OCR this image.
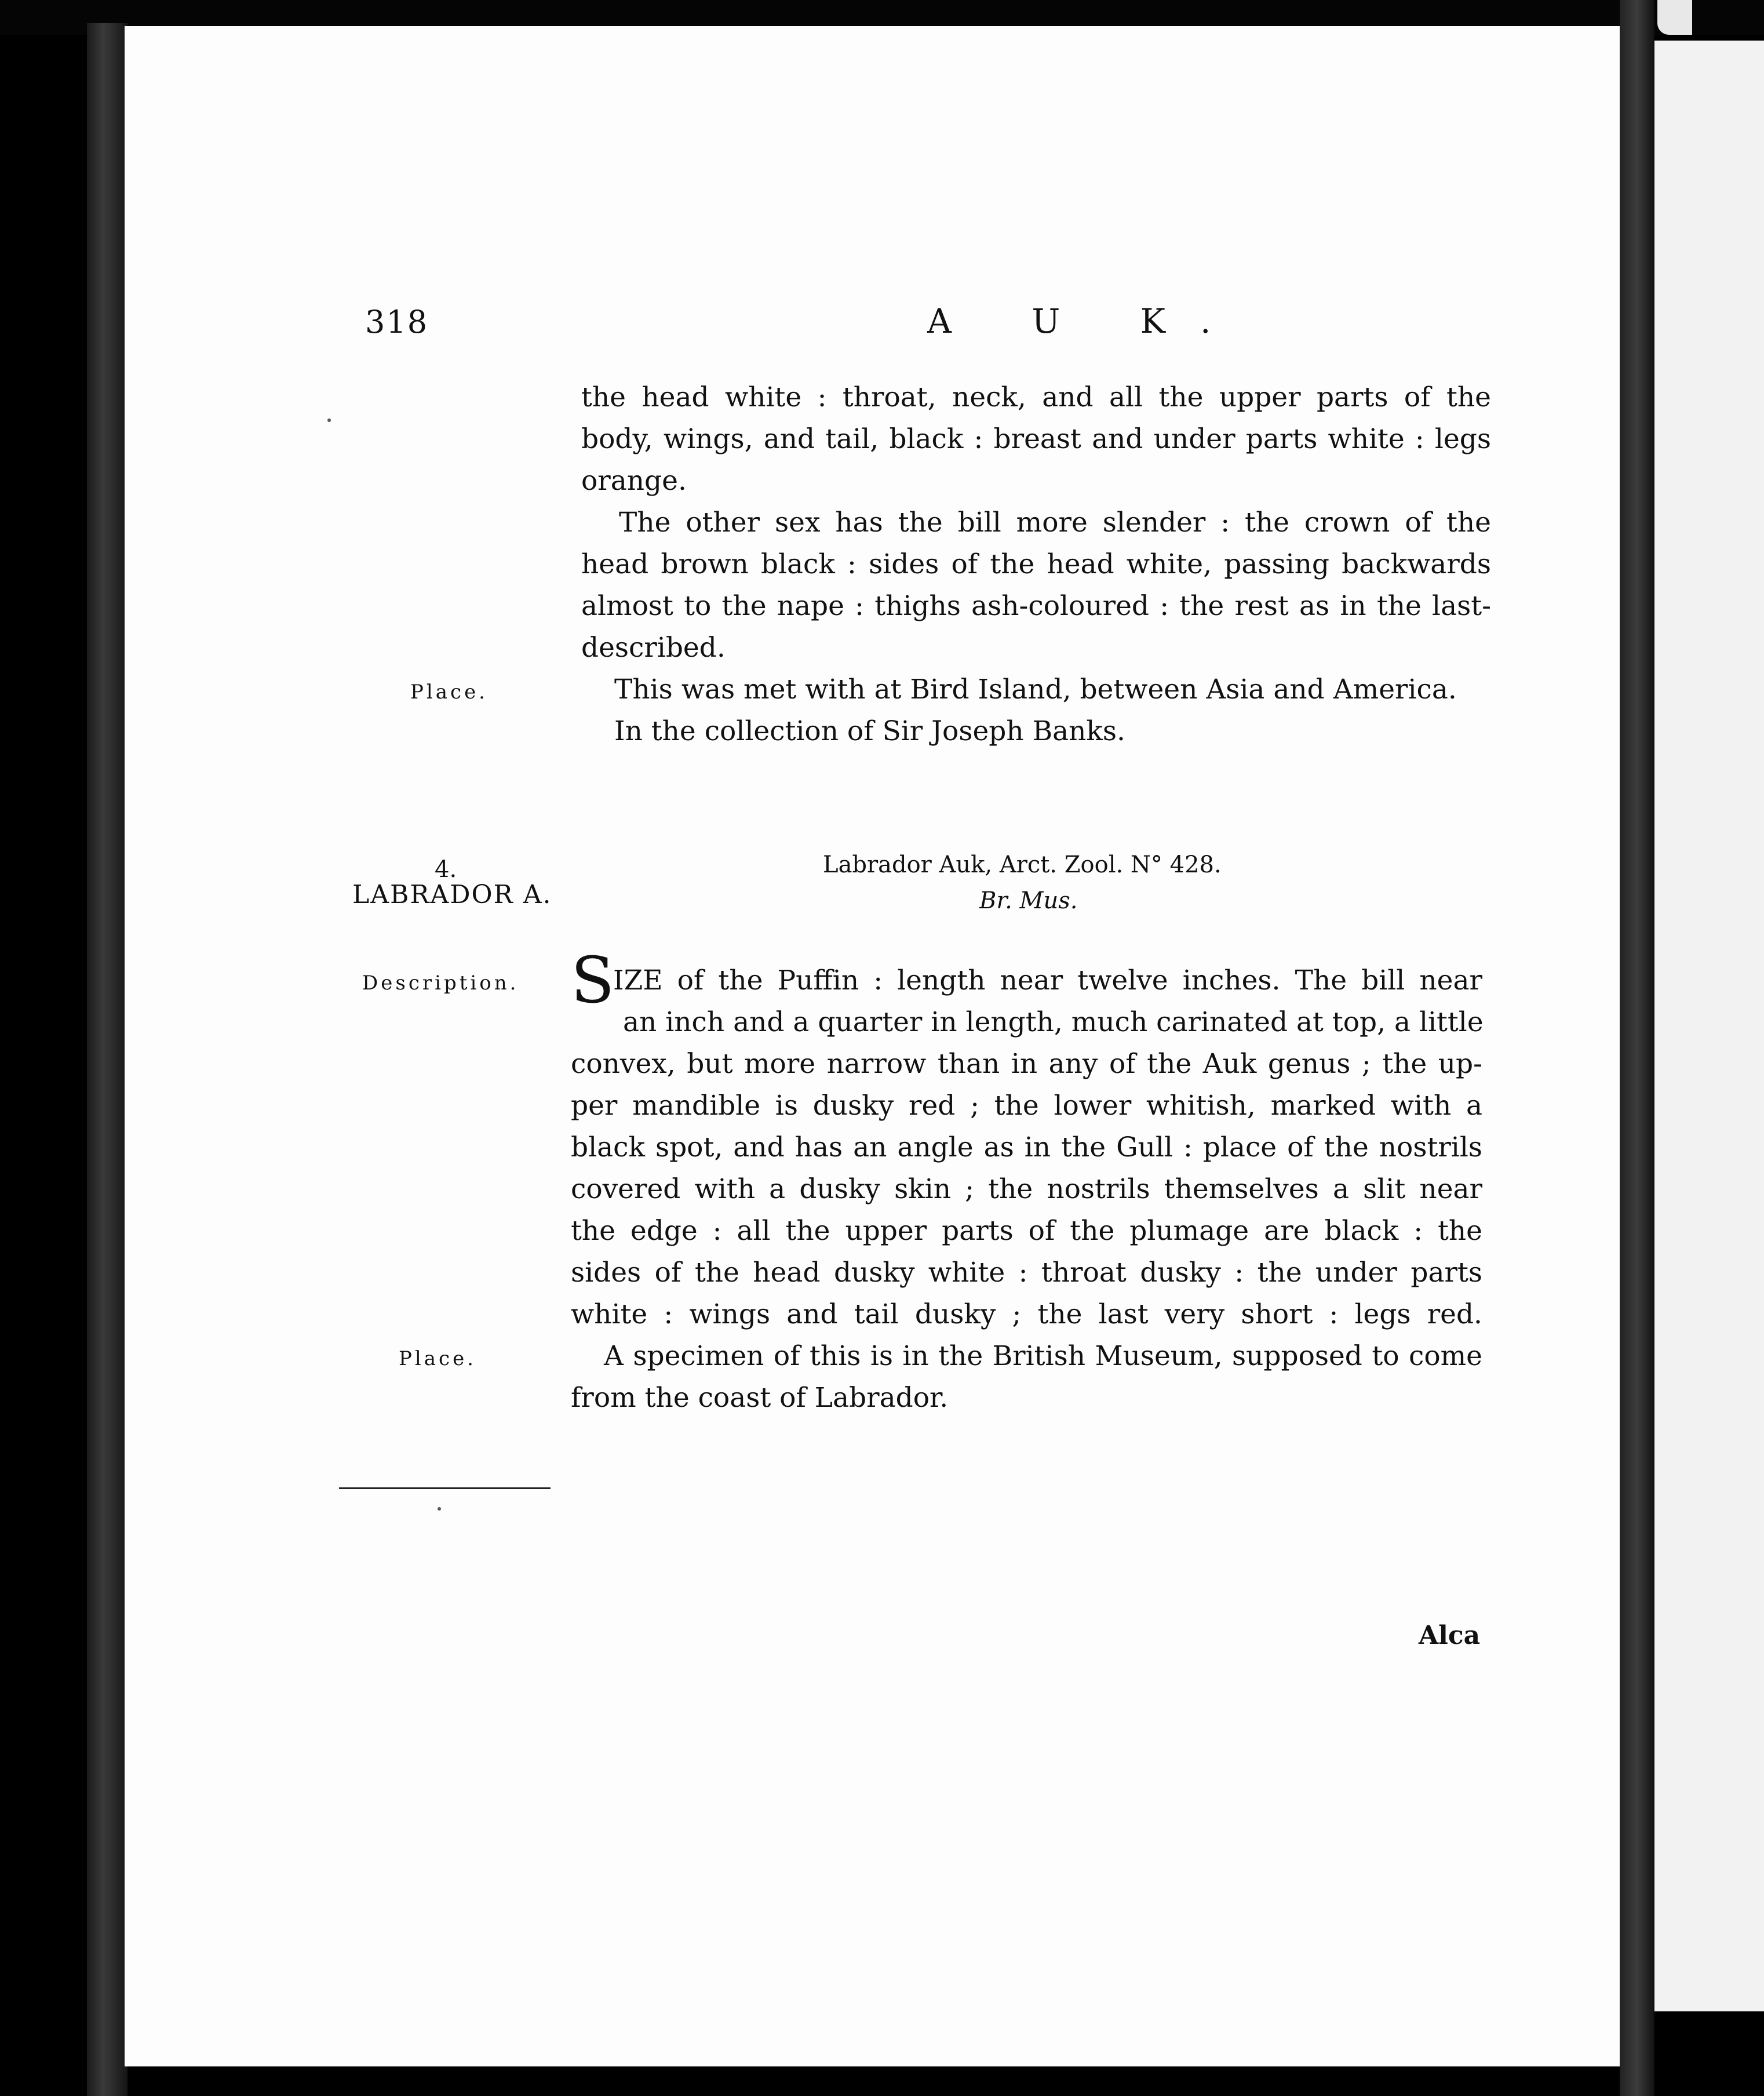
318	A U K.
the head white : throat, neck, and all the upper parts of the
body, wings, and tail, black : breast and under parts white : legs
orange.
The other sex has the bill more slender : the crown of the
head brown black : sides of the head white, passing backwards
almost to the nape : thighs ash-coloured : the rest as in the last-
described.
Place.	This was met with at Bird Island, between Asia and America.
In the collection of Sir Joseph Banks.
4.
LABRADOR A.
Labrador Auk, Arct. Zool. N° 428.
Br. Mus.
Description. S
IZE of the Puffin : length near twelve inches. The bill near
an inch and a quarter in length, much carinated at top, a little
convex, but more narrow than in any of the Auk genus ; the up-
per mandible is dusky red ; the lower whitish, marked with a
black spot, and has an angle as in the Gull : place of the nostrils
covered with a dusky skin ; the nostrils themselves a slit near
the edge : all the upper parts of the plumage are black : the
sides of the head dusky white : throat dusky : the under parts
white : wings and tail dusky ; the last very short : legs red.
Place.	A specimen of this is in the British Museum, supposed to come
from the coast of Labrador.
Alca
